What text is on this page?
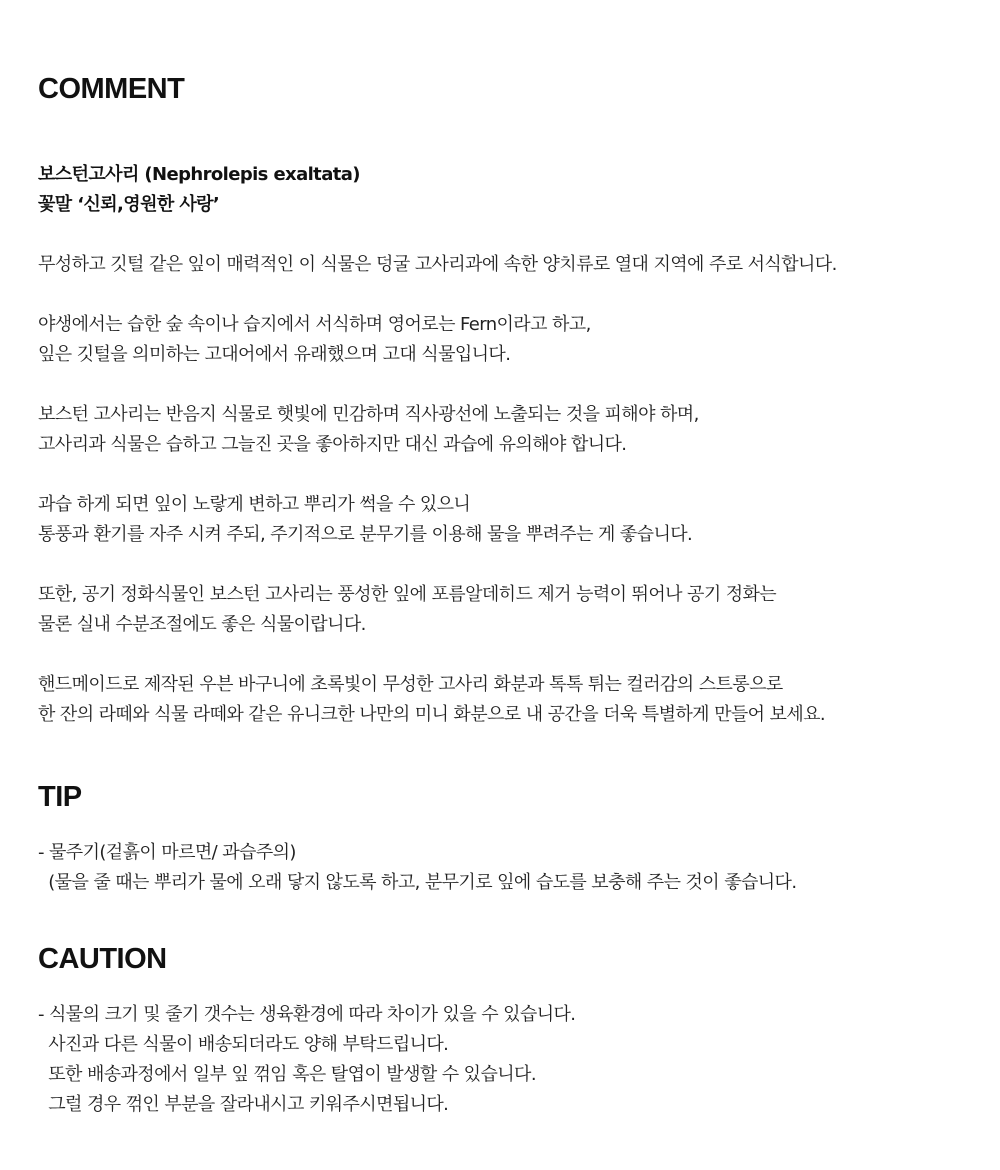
COMMENT
보스턴고사리 (Nephrolepis exaltata)
꽃말 ‘신뢰,영원한 사랑’
무성하고 깃털 같은 잎이 매력적인 이 식물은 덩굴 고사리과에 속한 양치류로 열대 지역에 주로 서식합니다.
야생에서는 습한 숲 속이나 습지에서 서식하며 영어로는 Fern이라고 하고,
잎은 깃털을 의미하는 고대어에서 유래했으며 고대 식물입니다.
보스턴 고사리는 반음지 식물로 햇빛에 민감하며 직사광선에 노출되는 것을 피해야 하며,
고사리과 식물은 습하고 그늘진 곳을 좋아하지만 대신 과습에 유의해야 합니다.
과습 하게 되면 잎이 노랗게 변하고 뿌리가 썩을 수 있으니
통풍과 환기를 자주 시켜 주되, 주기적으로 분무기를 이용해 물을 뿌려주는 게 좋습니다.
또한, 공기 정화식물인 보스턴 고사리는 풍성한 잎에 포름알데히드 제거 능력이 뛰어나 공기 정화는
물론 실내 수분조절에도 좋은 식물이랍니다.
핸드메이드로 제작된 우븐 바구니에 초록빛이 무성한 고사리 화분과 톡톡 튀는 컬러감의 스트롱으로
한 잔의 라떼와 식물 라떼와 같은 유니크한 나만의 미니 화분으로 내 공간을 더욱 특별하게 만들어 보세요.
TIP
- 물주기(겉흙이 마르면/ 과습주의)
(물을 줄 때는 뿌리가 물에 오래 닿지 않도록 하고, 분무기로 잎에 습도를 보충해 주는 것이 좋습니다.
CAUTION
- 식물의 크기 및 줄기 갯수는 생육환경에 따라 차이가 있을 수 있습니다.
사진과 다른 식물이 배송되더라도 양해 부탁드립니다.
또한 배송과정에서 일부 잎 꺾임 혹은 탈엽이 발생할 수 있습니다.
그럴 경우 꺾인 부분을 잘라내시고 키워주시면됩니다.
